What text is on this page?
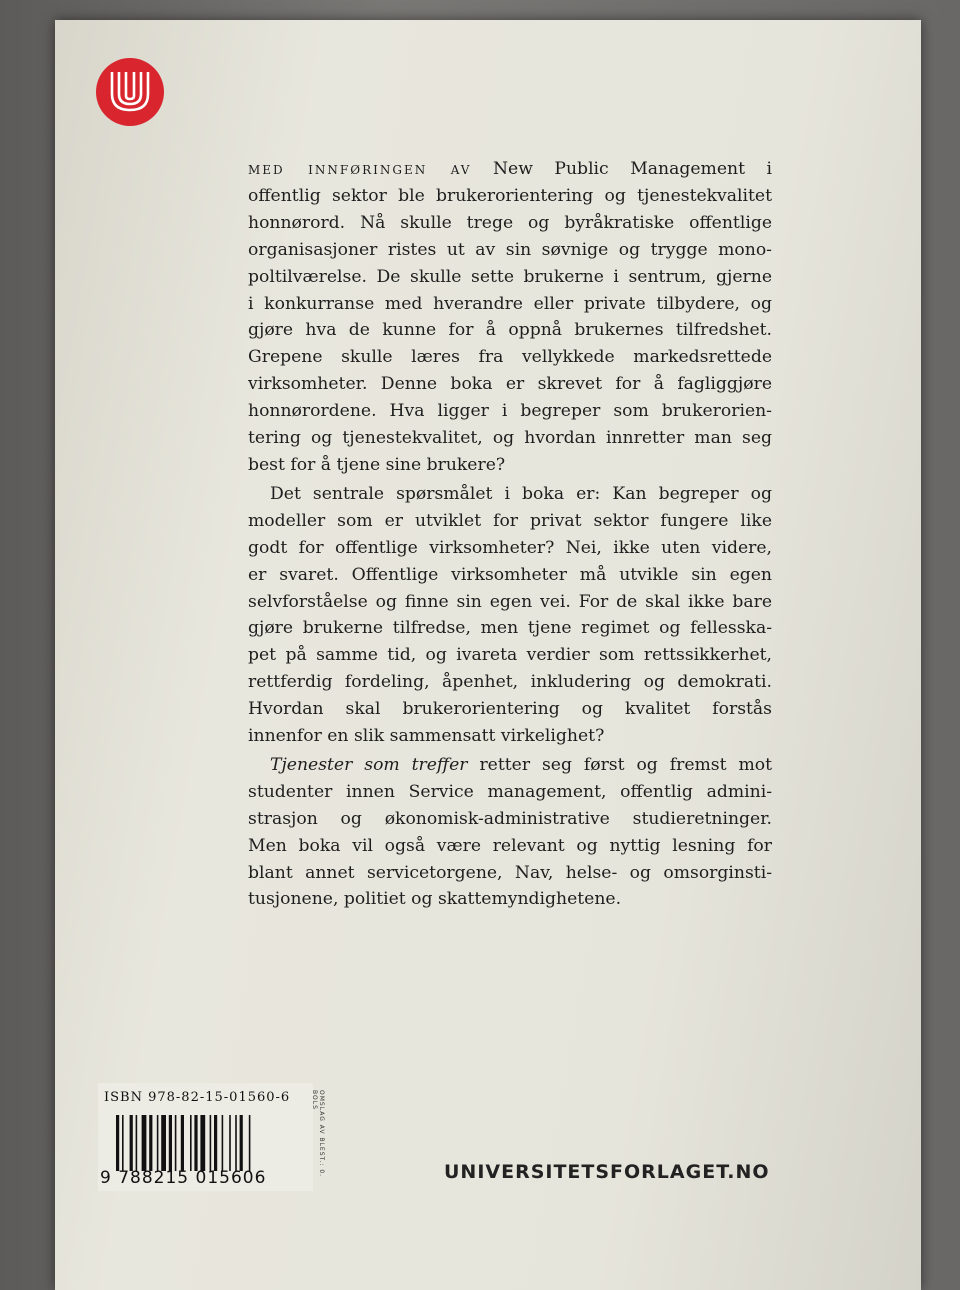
med innføringen av New Public Management i
offentlig sektor ble brukerorientering og tjenestekvalitet
honnørord. Nå skulle trege og byråkratiske offentlige
organisasjoner ristes ut av sin søvnige og trygge mono-
poltilværelse. De skulle sette brukerne i sentrum, gjerne
i konkurranse med hverandre eller private tilbydere, og
gjøre hva de kunne for å oppnå brukernes tilfredshet.
Grepene skulle læres fra vellykkede markedsrettede
virksomheter. Denne boka er skrevet for å fagliggjøre
honnørordene. Hva ligger i begreper som brukerorien-
tering og tjenestekvalitet, og hvordan innretter man seg
best for å tjene sine brukere?
Det sentrale spørsmålet i boka er: Kan begreper og
modeller som er utviklet for privat sektor fungere like
godt for offentlige virksomheter? Nei, ikke uten videre,
er svaret. Offentlige virksomheter må utvikle sin egen
selvforståelse og finne sin egen vei. For de skal ikke bare
gjøre brukerne tilfredse, men tjene regimet og fellesska-
pet på samme tid, og ivareta verdier som rettssikkerhet,
rettferdig fordeling, åpenhet, inkludering og demokrati.
Hvordan skal brukerorientering og kvalitet forstås
innenfor en slik sammensatt virkelighet?
Tjenester som treffer retter seg først og fremst mot
studenter innen Service management, offentlig admini-
strasjon og økonomisk-administrative studieretninger.
Men boka vil også være relevant og nyttig lesning for
blant annet servicetorgene, Nav, helse- og omsorginsti-
tusjonene, politiet og skattemyndighetene.
ISBN 978-82-15-01560-6
9 788215 015606
OMSLAG AV BLEST.: 0. BOLS
UNIVERSITETSFORLAGET.NO
